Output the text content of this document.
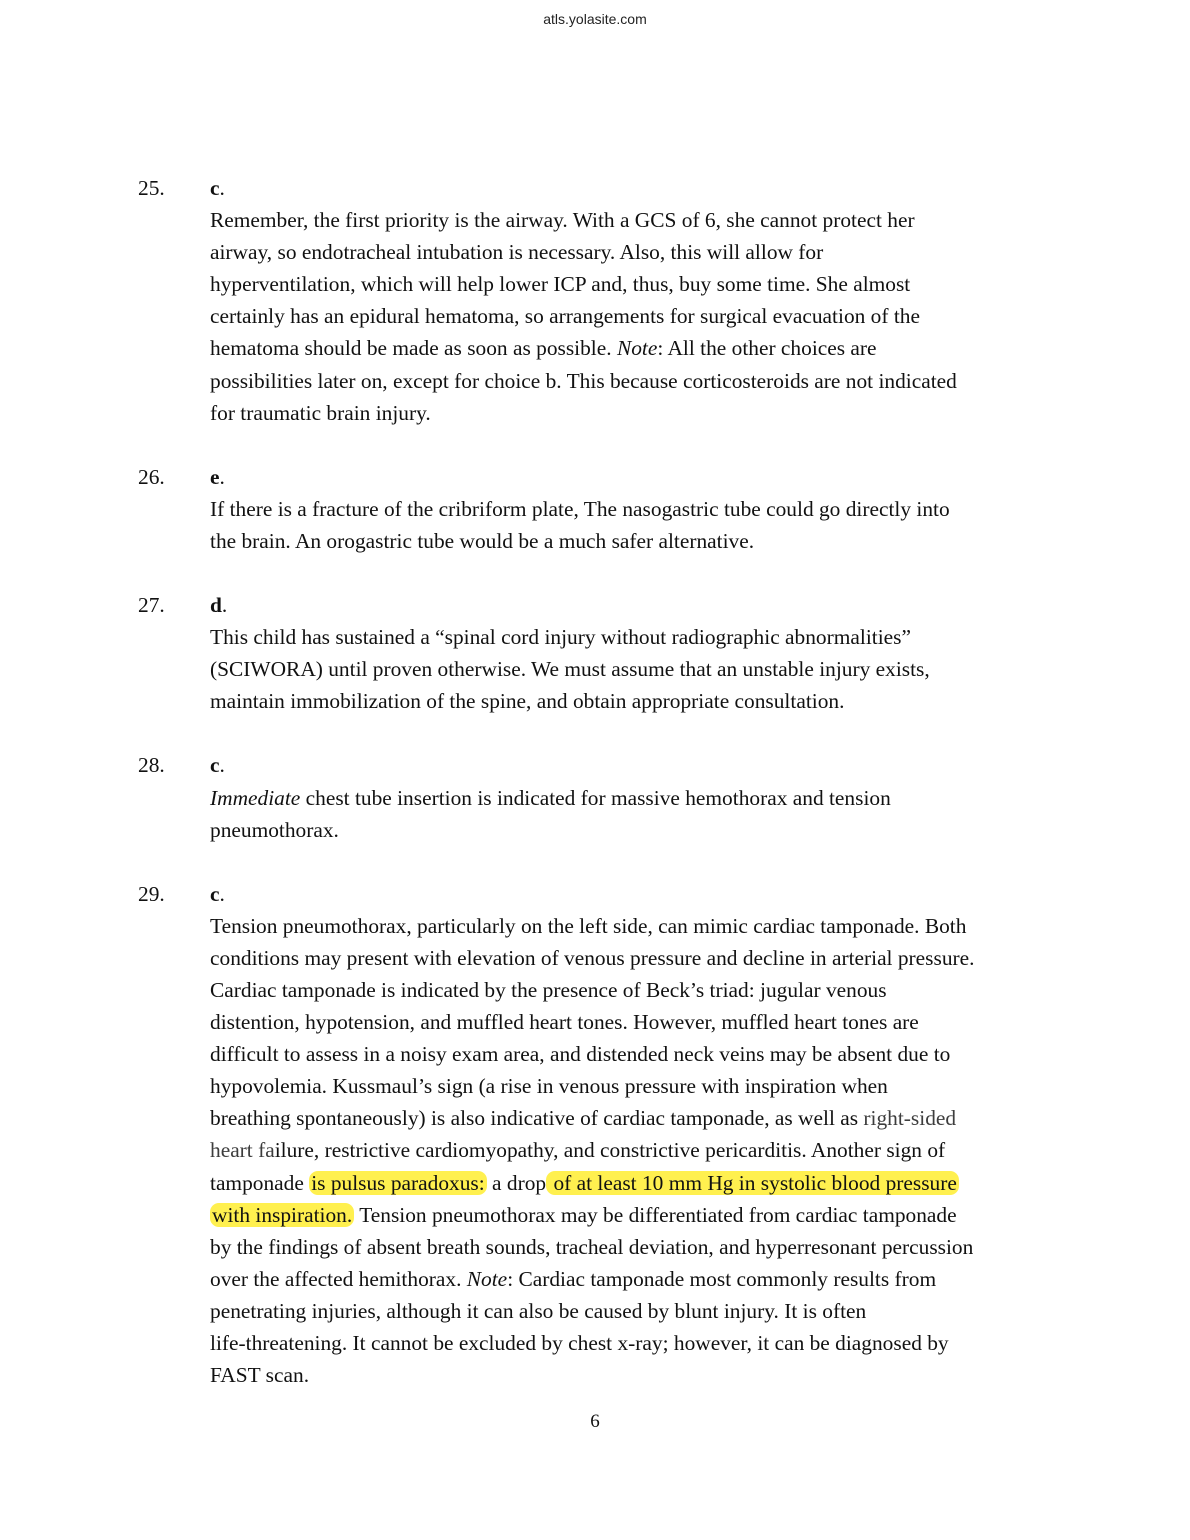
atls.yolasite.com
25.	c.
Remember, the first priority is the airway. With a GCS of 6, she cannot protect her
airway, so endotracheal intubation is necessary. Also, this will allow for
hyperventilation, which will help lower ICP and, thus, buy some time. She almost
certainly has an epidural hematoma, so arrangements for surgical evacuation of the
hematoma should be made as soon as possible. Note: All the other choices are
possibilities later on, except for choice b. This because corticosteroids are not indicated
for traumatic brain injury.
26.	e.
If there is a fracture of the cribriform plate, The nasogastric tube could go directly into
the brain. An orogastric tube would be a much safer alternative.
27.	d.
This child has sustained a “spinal cord injury without radiographic abnormalities”
(SCIWORA) until proven otherwise. We must assume that an unstable injury exists,
maintain immobilization of the spine, and obtain appropriate consultation.
28.	c.
Immediate chest tube insertion is indicated for massive hemothorax and tension
pneumothorax.
29.	c.
Tension pneumothorax, particularly on the left side, can mimic cardiac tamponade. Both
conditions may present with elevation of venous pressure and decline in arterial pressure.
Cardiac tamponade is indicated by the presence of Beck’s triad: jugular venous
distention, hypotension, and muffled heart tones. However, muffled heart tones are
difficult to assess in a noisy exam area, and distended neck veins may be absent due to
hypovolemia. Kussmaul’s sign (a rise in venous pressure with inspiration when
breathing spontaneously) is also indicative of cardiac tamponade, as well as right-sided
heart failure, restrictive cardiomyopathy, and constrictive pericarditis. Another sign of
tamponade is pulsus paradoxus: a drop of at least 10 mm Hg in systolic blood pressure
with inspiration. Tension pneumothorax may be differentiated from cardiac tamponade
by the findings of absent breath sounds, tracheal deviation, and hyperresonant percussion
over the affected hemithorax. Note: Cardiac tamponade most commonly results from
penetrating injuries, although it can also be caused by blunt injury. It is often
life-threatening. It cannot be excluded by chest x-ray; however, it can be diagnosed by
FAST scan.
6
